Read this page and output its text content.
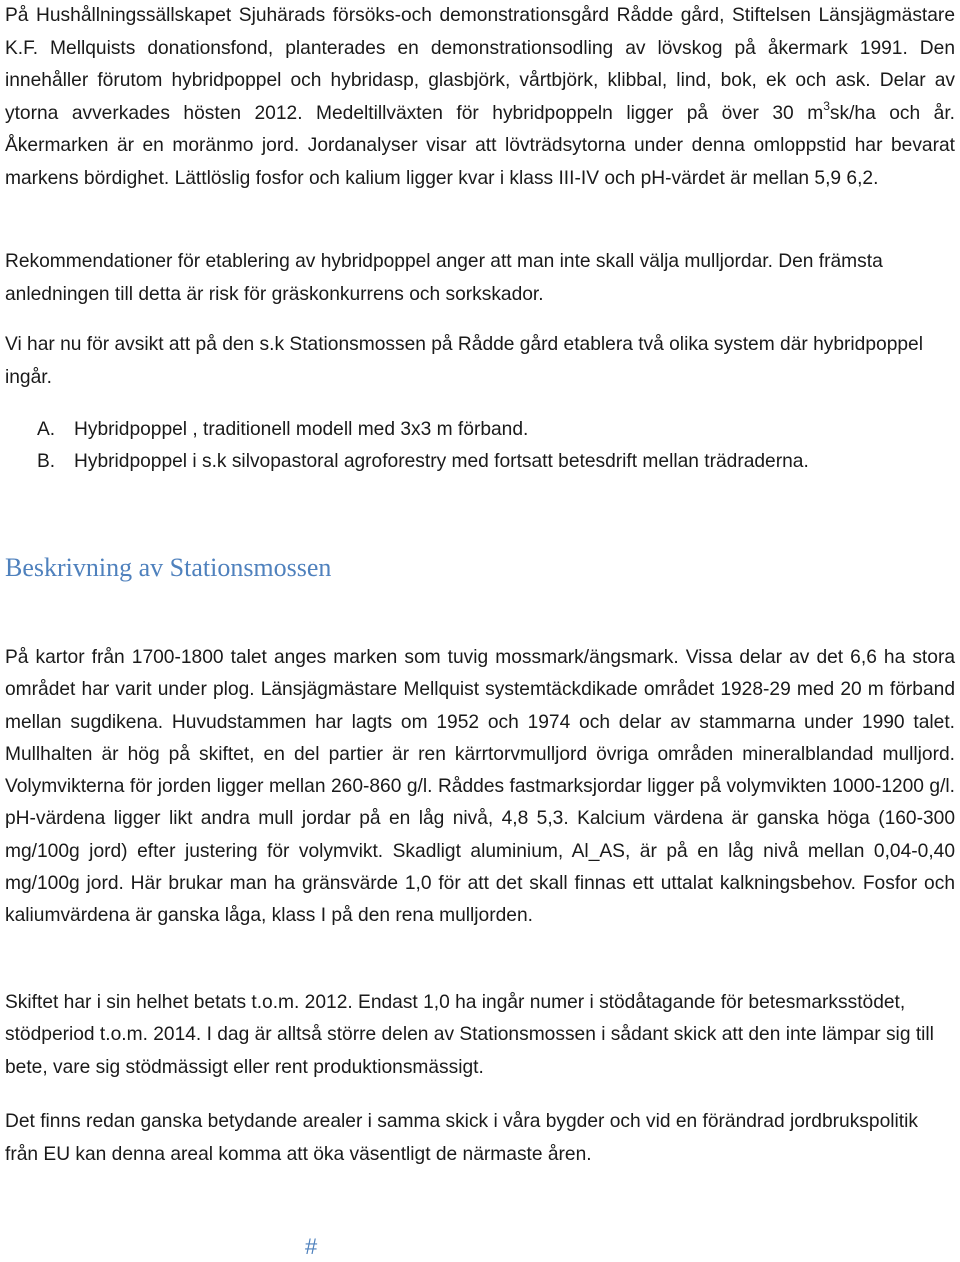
På Hushållningssällskapet Sjuhärads försöks-och demonstrationsgård Rådde gård, Stiftelsen Länsjägmästare K.F. Mellquists donationsfond, planterades en demonstrationsodling av lövskog på åkermark 1991. Den innehåller förutom hybridpoppel och hybridasp, glasbjörk, vårtbjörk, klibbal, lind, bok, ek och ask. Delar av ytorna avverkades hösten 2012. Medeltillväxten för hybridpoppeln ligger på över 30 $m^3sk/ha$ och år. Åkermarken är en moränmo jord. Jordanalyser visar att lövträdsytorna under denna omloppstid har bevarat markens bördighet. Lättlöslig fosfor och kalium ligger kvar i klass III-IV och pH-värdet är mellan 5,9 6,2.

Rekommendationer för etablering av hybridpoppel anger att man inte skall välja mulljordar. Den främsta anledningen till detta är risk för gräskonkurrens och sorkskador.

Vi har nu för avsikt att på den s.k Stationsmossen på Rådde gård etablera två olika system där hybridpoppel ingår.

A. Hybridpoppel , traditionell modell med 3x3 m förband.
B. Hybridpoppel i s.k silvopastoral agroforestry med fortsatt betesdrift mellan trädraderna.
Beskrivning av Stationsmossen

På kartor från 1700-1800 talet anges marken som tuvig mossmark/ängsmark. Vissa delar av det 6,6 ha stora området har varit under plog. Länsjägmästare Mellquist systemtäckdikade området 1928-29 med 20 m förband mellan sugdikena. Huvudstammen har lagts om 1952 och 1974 och delar av stammarna under 1990 talet. Mullhalten är hög på skiftet, en del partier är ren kärrtorvmulljord övriga områden mineralblandad mulljord. Volymvikterna för jorden ligger mellan 260-860 g/l. Råddes fastmarksjordar ligger på volymvikten 1000-1200 g/l. pH-värdena ligger likt andra mull jordar på en låg nivå, 4,8 5,3. Kalcium värdena är ganska höga (160-300 mg/100g jord) efter justering för volymvikt. Skadligt aluminium, Al_AS, är på en låg nivå mellan 0,04-0,40 mg/100g jord. Här brukar man ha gränsvärde 1,0 för att det skall finnas ett uttalat kalkningsbehov. Fosfor och kaliumvärdena är ganska låga, klass I på den rena mulljorden.

Skiftet har i sin helhet betats t.o.m. 2012. Endast 1,0 ha ingår numer i stödåtagande för betesmarksstödet, stödperiod t.o.m. 2014. I dag är alltså större delen av Stationsmossen i sådant skick att den inte lämpar sig till bete, vare sig stödmässigt eller rent produktionsmässigt.

Det finns redan ganska betydande arealer i samma skick i våra bygder och vid en förändrad jordbrukspolitik från EU kan denna areal komma att öka väsentligt de närmaste åren.

#
